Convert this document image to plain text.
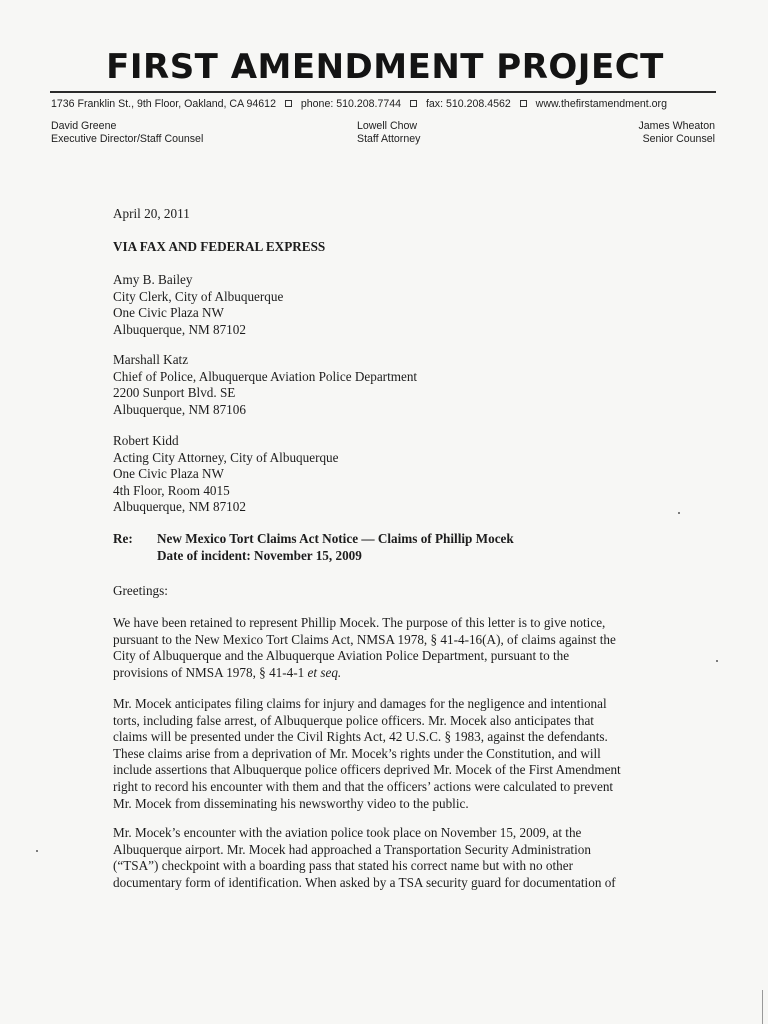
FIRST AMENDMENT PROJECT
1736 Franklin St., 9th Floor, Oakland, CA 94612 phone: 510.208.7744 fax: 510.208.4562 www.thefirstamendment.org
David Greene
Executive Director/Staff Counsel
Lowell Chow
Staff Attorney
James Wheaton
Senior Counsel
April 20, 2011
VIA FAX AND FEDERAL EXPRESS
Amy B. Bailey
City Clerk, City of Albuquerque
One Civic Plaza NW
Albuquerque, NM 87102
Marshall Katz
Chief of Police, Albuquerque Aviation Police Department
2200 Sunport Blvd. SE
Albuquerque, NM 87106
Robert Kidd
Acting City Attorney, City of Albuquerque
One Civic Plaza NW
4th Floor, Room 4015
Albuquerque, NM 87102
Re: New Mexico Tort Claims Act Notice — Claims of Phillip Mocek
Date of incident: November 15, 2009
Greetings:
We have been retained to represent Phillip Mocek. The purpose of this letter is to give notice,
pursuant to the New Mexico Tort Claims Act, NMSA 1978, § 41-4-16(A), of claims against the
City of Albuquerque and the Albuquerque Aviation Police Department, pursuant to the
provisions of NMSA 1978, § 41-4-1 et seq.
Mr. Mocek anticipates filing claims for injury and damages for the negligence and intentional
torts, including false arrest, of Albuquerque police officers. Mr. Mocek also anticipates that
claims will be presented under the Civil Rights Act, 42 U.S.C. § 1983, against the defendants.
These claims arise from a deprivation of Mr. Mocek’s rights under the Constitution, and will
include assertions that Albuquerque police officers deprived Mr. Mocek of the First Amendment
right to record his encounter with them and that the officers’ actions were calculated to prevent
Mr. Mocek from disseminating his newsworthy video to the public.
Mr. Mocek’s encounter with the aviation police took place on November 15, 2009, at the
Albuquerque airport. Mr. Mocek had approached a Transportation Security Administration
(“TSA”) checkpoint with a boarding pass that stated his correct name but with no other
documentary form of identification. When asked by a TSA security guard for documentation of
